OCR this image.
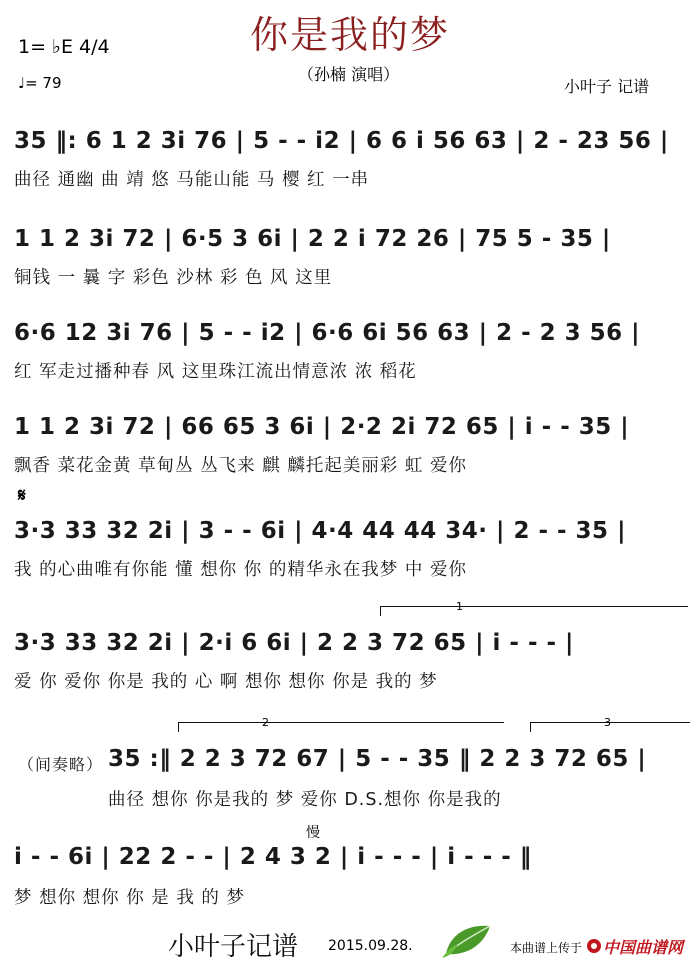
你是我的梦
1= ♭E 4/4
♩= 79	（孙楠 演唱）
小叶子 记谱
35 ‖: 6 1 2 3i 76 | 5 - - i2 | 6 6 i 56 63 | 2 - 23 56 |
曲径 通幽 曲 靖 悠 马能山能 马 樱 红 一串
1 1 2 3i 72 | 6·5 3 6i | 2 2 i 72 26 | 75 5 - 35 |
铜钱 一 曩 字 彩色 沙林 彩 色 风 这里
6·6 12 3i 76 | 5 - - i2 | 6·6 6i 56 63 | 2 - 2 3 56 |
红 军走过播种春 风 这里珠江流出情意浓 浓 稻花
1 1 2 3i 72 | 66 65 3 6i | 2·2 2i 72 65 | i - - 35 |
飘香 菜花金黄 草甸丛 丛飞来 麒 麟托起美丽彩 虹 爱你
𝄋
3·3 33 32 2i | 3 - - 6i | 4·4 44 44 34· | 2 - - 35 |
我 的心曲唯有你能 懂 想你 你 的精华永在我梦 中 爱你
1
3·3 33 32 2i | 2·i 6 6i | 2 2 3 72 65 | i - - - |
爱 你 爱你 你是 我的 心 啊 想你 想你 你是 我的 梦
2	3
（间奏略） 35 :‖ 2 2 3 72 67 | 5 - - 35 ‖ 2 2 3 72 65 |
曲径 想你 你是我的 梦 爱你 D.S.想你 你是我的
慢
i - - 6i | 22 2 - - | 2 4 3 2 | i - - - | i - - - ‖
梦 想你 想你 你 是 我 的 梦
小叶子记谱 2015.09.28.	本曲谱上传于 中国曲谱网
